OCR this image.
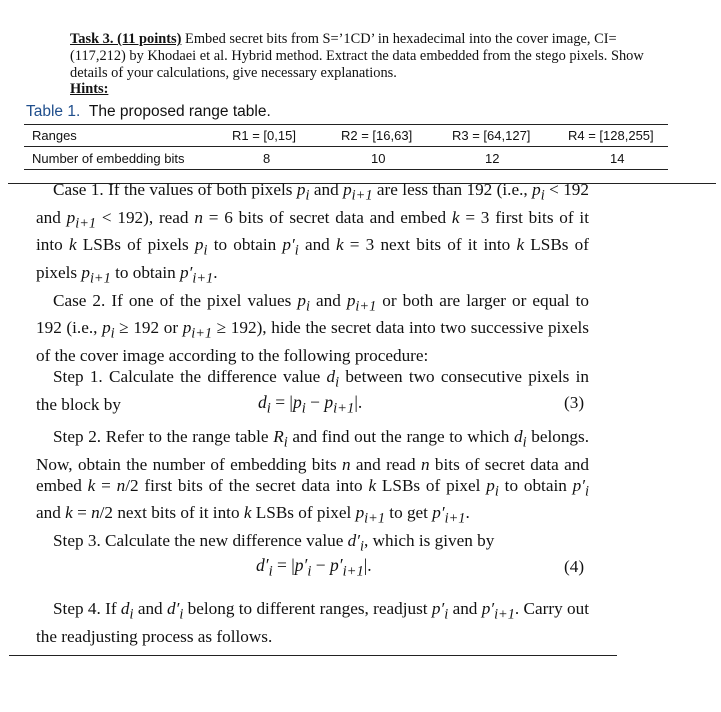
Task 3. (11 points) Embed secret bits from S=’1CD’ in hexadecimal into the cover image, CI=(117,212) by Khodaei et al. Hybrid method. Extract the data embedded from the stego pixels. Show details of your calculations, give necessary explanations.
Hints:
Table 1. The proposed range table.
Ranges	R1 = [0,15]	R2 = [16,63]	R3 = [64,127]	R4 = [128,255]
Number of embedding bits	8	10	12	14

Case 1. If the values of both pixels $p_i$ and $p_{i+1}$ are less than 192 (i.e., $p_i < 192$ and $p_{i+1} < 192$), read n = 6 bits of secret data and embed k = 3 first bits of it into k LSBs of pixels $p_i$ to obtain $p'_i$ and k = 3 next bits of it into k LSBs of pixels $p_{i+1}$ to obtain $p'_{i+1}$.

Case 2. If one of the pixel values $p_i$ and $p_{i+1}$ or both are larger or equal to 192 (i.e., $p_i \ge 192$ or $p_{i+1} \ge 192$), hide the secret data into two successive pixels of the cover image according to the following procedure:

Step 1. Calculate the difference value $d_i$ between two consecutive pixels in the block by	$d_i = |p_i - p_{i+1}|$.	(3)

Step 2. Refer to the range table $R_i$ and find out the range to which $d_i$ belongs. Now, obtain the number of embedding bits n and read n bits of secret data and embed k = n/2 first bits of the secret data into k LSBs of pixel $p_i$ to obtain $p'_i$ and k = n/2 next bits of it into k LSBs of pixel $p_{i+1}$ to get $p'_{i+1}$.

Step 3. Calculate the new difference value $d'_i$, which is given by

$d'_i = |p'_i - p'_{i+1}|$.	(4)

Step 4. If $d_i$ and $d'_i$ belong to different ranges, readjust $p'_i$ and $p'_{i+1}$. Carry out the readjusting process as follows.
